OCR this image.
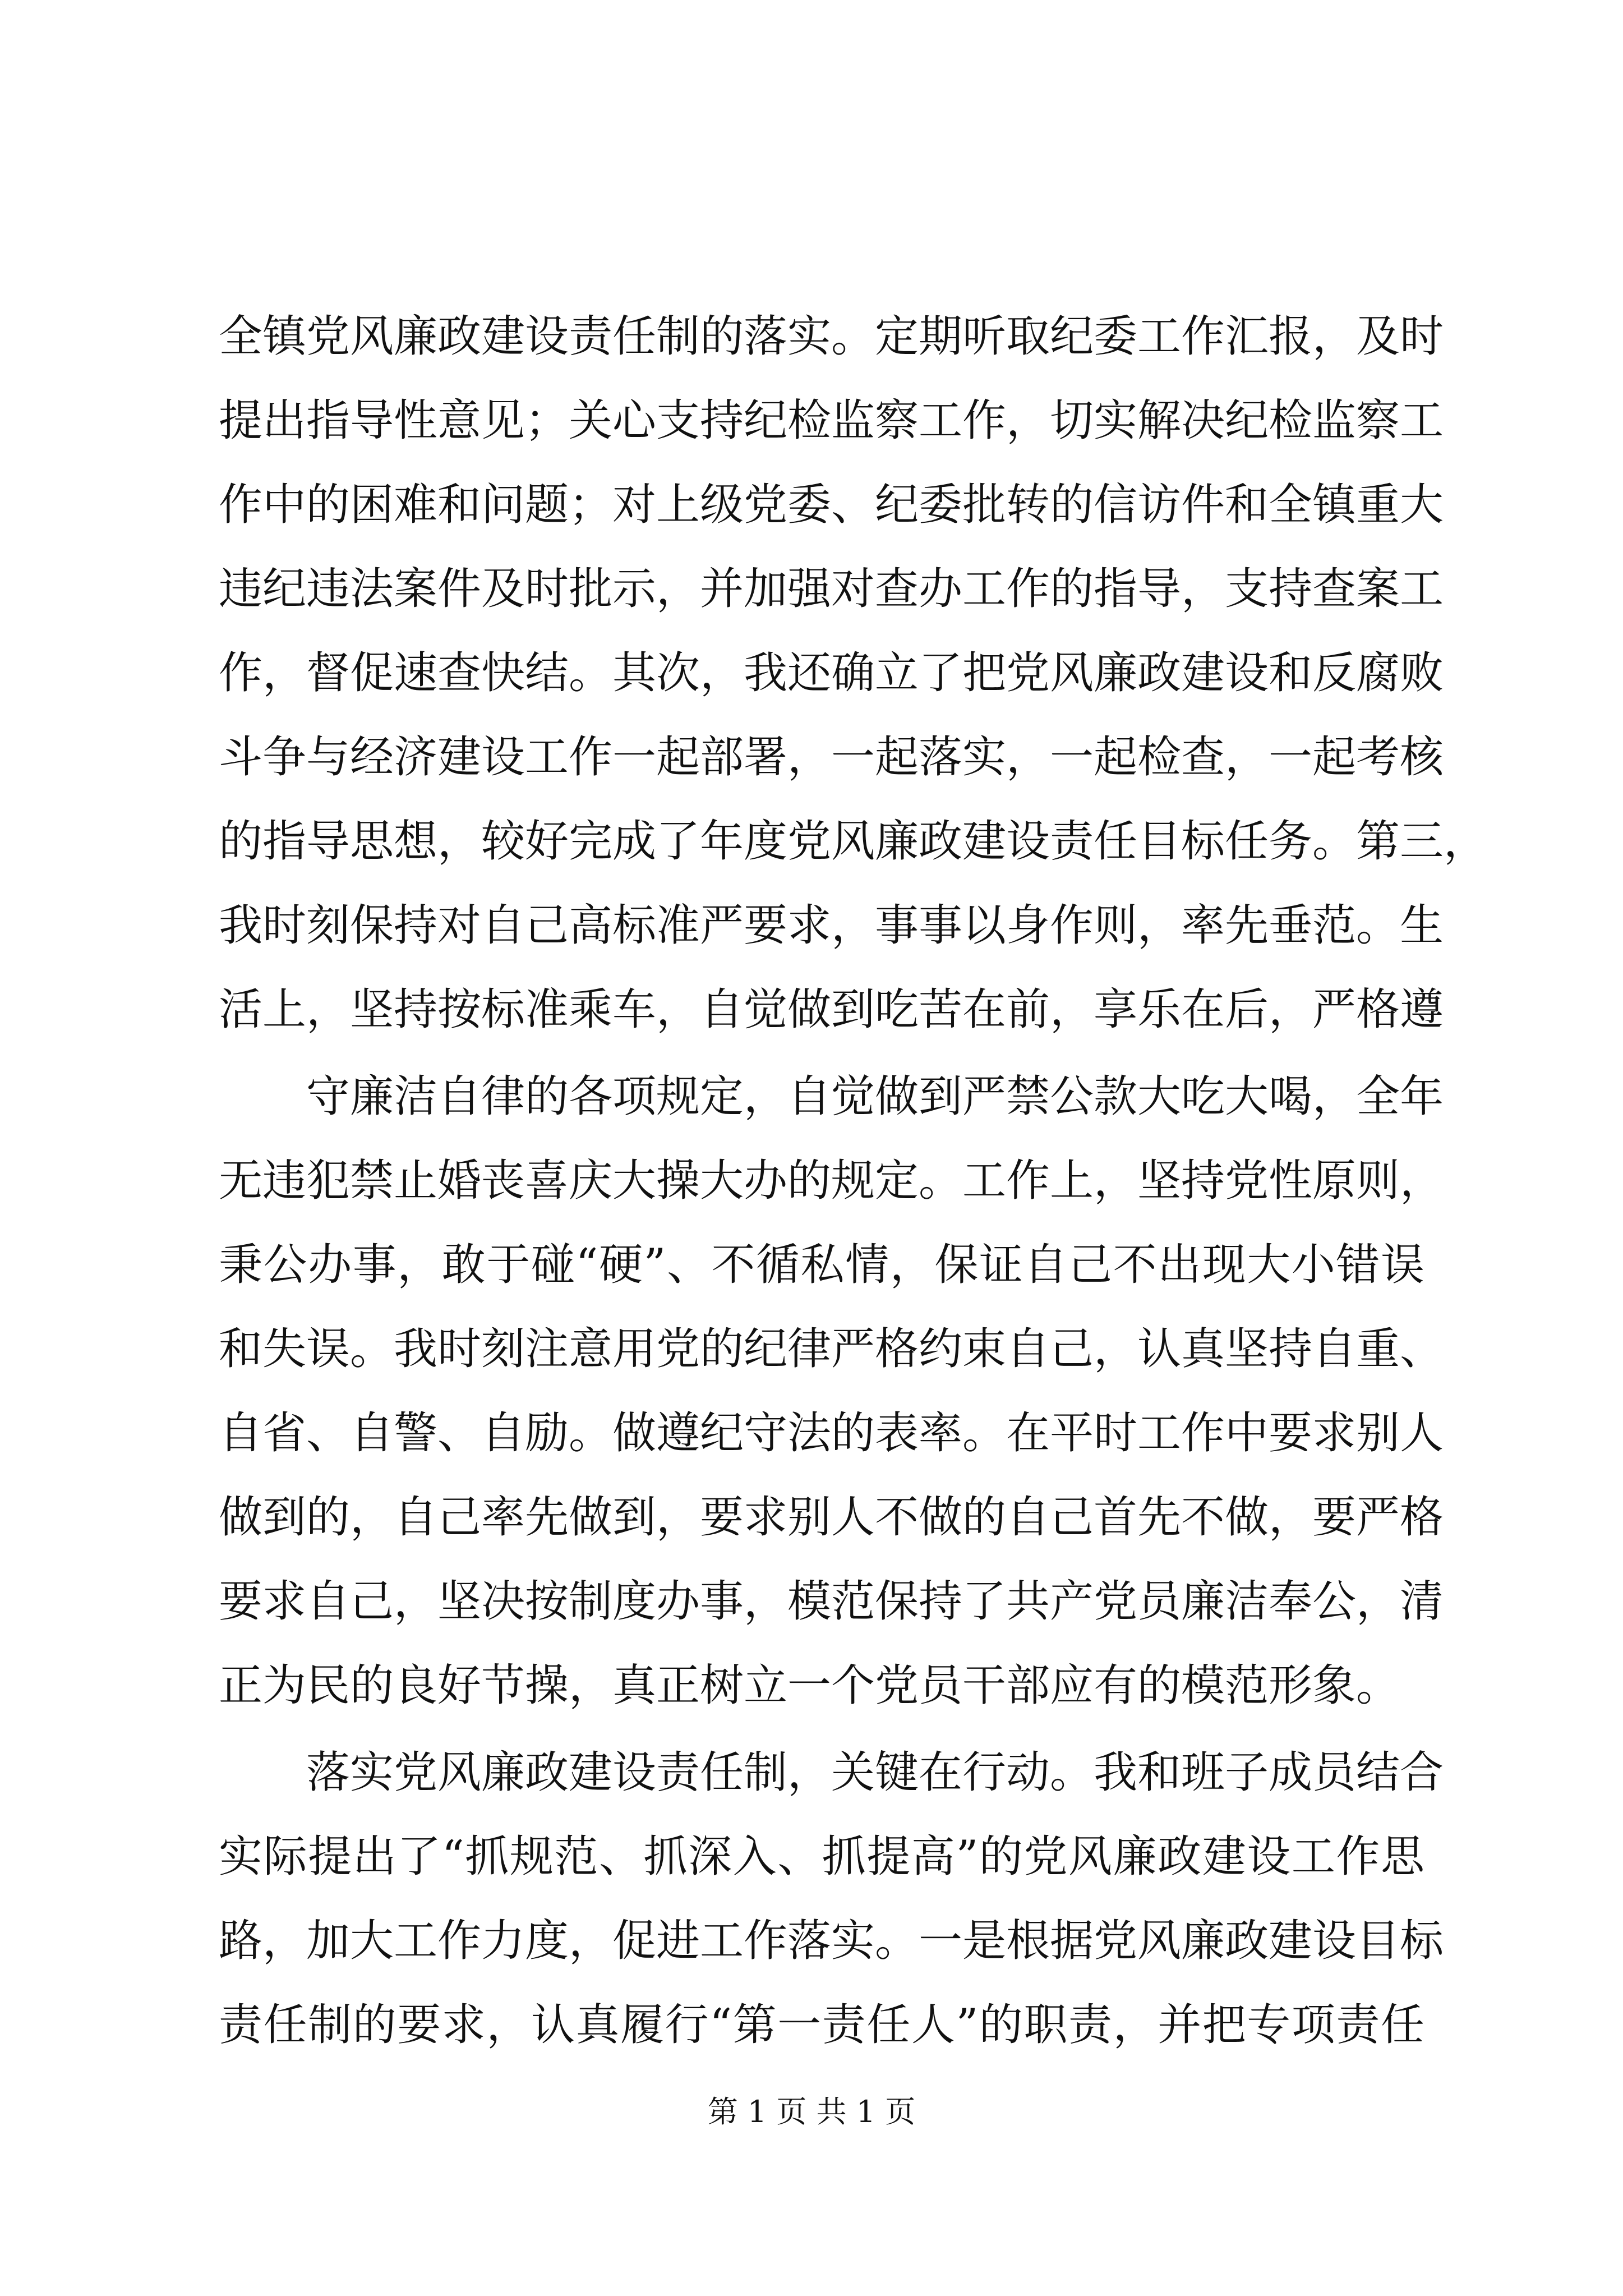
全镇党风廉政建设责任制的落实。定期听取纪委工作汇报，及时
提出指导性意见；关心支持纪检监察工作，切实解决纪检监察工
作中的困难和问题；对上级党委、纪委批转的信访件和全镇重大
违纪违法案件及时批示，并加强对查办工作的指导，支持查案工
作，督促速查快结。其次，我还确立了把党风廉政建设和反腐败
斗争与经济建设工作一起部署，一起落实，一起检查，一起考核
的指导思想，较好完成了年度党风廉政建设责任目标任务。第三，
我时刻保持对自己高标准严要求，事事以身作则，率先垂范。生
活上，坚持按标准乘车，自觉做到吃苦在前，享乐在后，严格遵
守廉洁自律的各项规定，自觉做到严禁公款大吃大喝，全年
无违犯禁止婚丧喜庆大操大办的规定。工作上，坚持党性原则，
秉公办事，敢于碰“硬”、不循私情，保证自己不出现大小错误
和失误。我时刻注意用党的纪律严格约束自己，认真坚持自重、
自省、自警、自励。做遵纪守法的表率。在平时工作中要求别人
做到的，自己率先做到，要求别人不做的自己首先不做，要严格
要求自己，坚决按制度办事，模范保持了共产党员廉洁奉公，清
正为民的良好节操，真正树立一个党员干部应有的模范形象。
落实党风廉政建设责任制，关键在行动。我和班子成员结合
实际提出了“抓规范、抓深入、抓提高”的党风廉政建设工作思
路，加大工作力度，促进工作落实。一是根据党风廉政建设目标
责任制的要求，认真履行“第一责任人”的职责，并把专项责任
第 1 页 共 1 页
